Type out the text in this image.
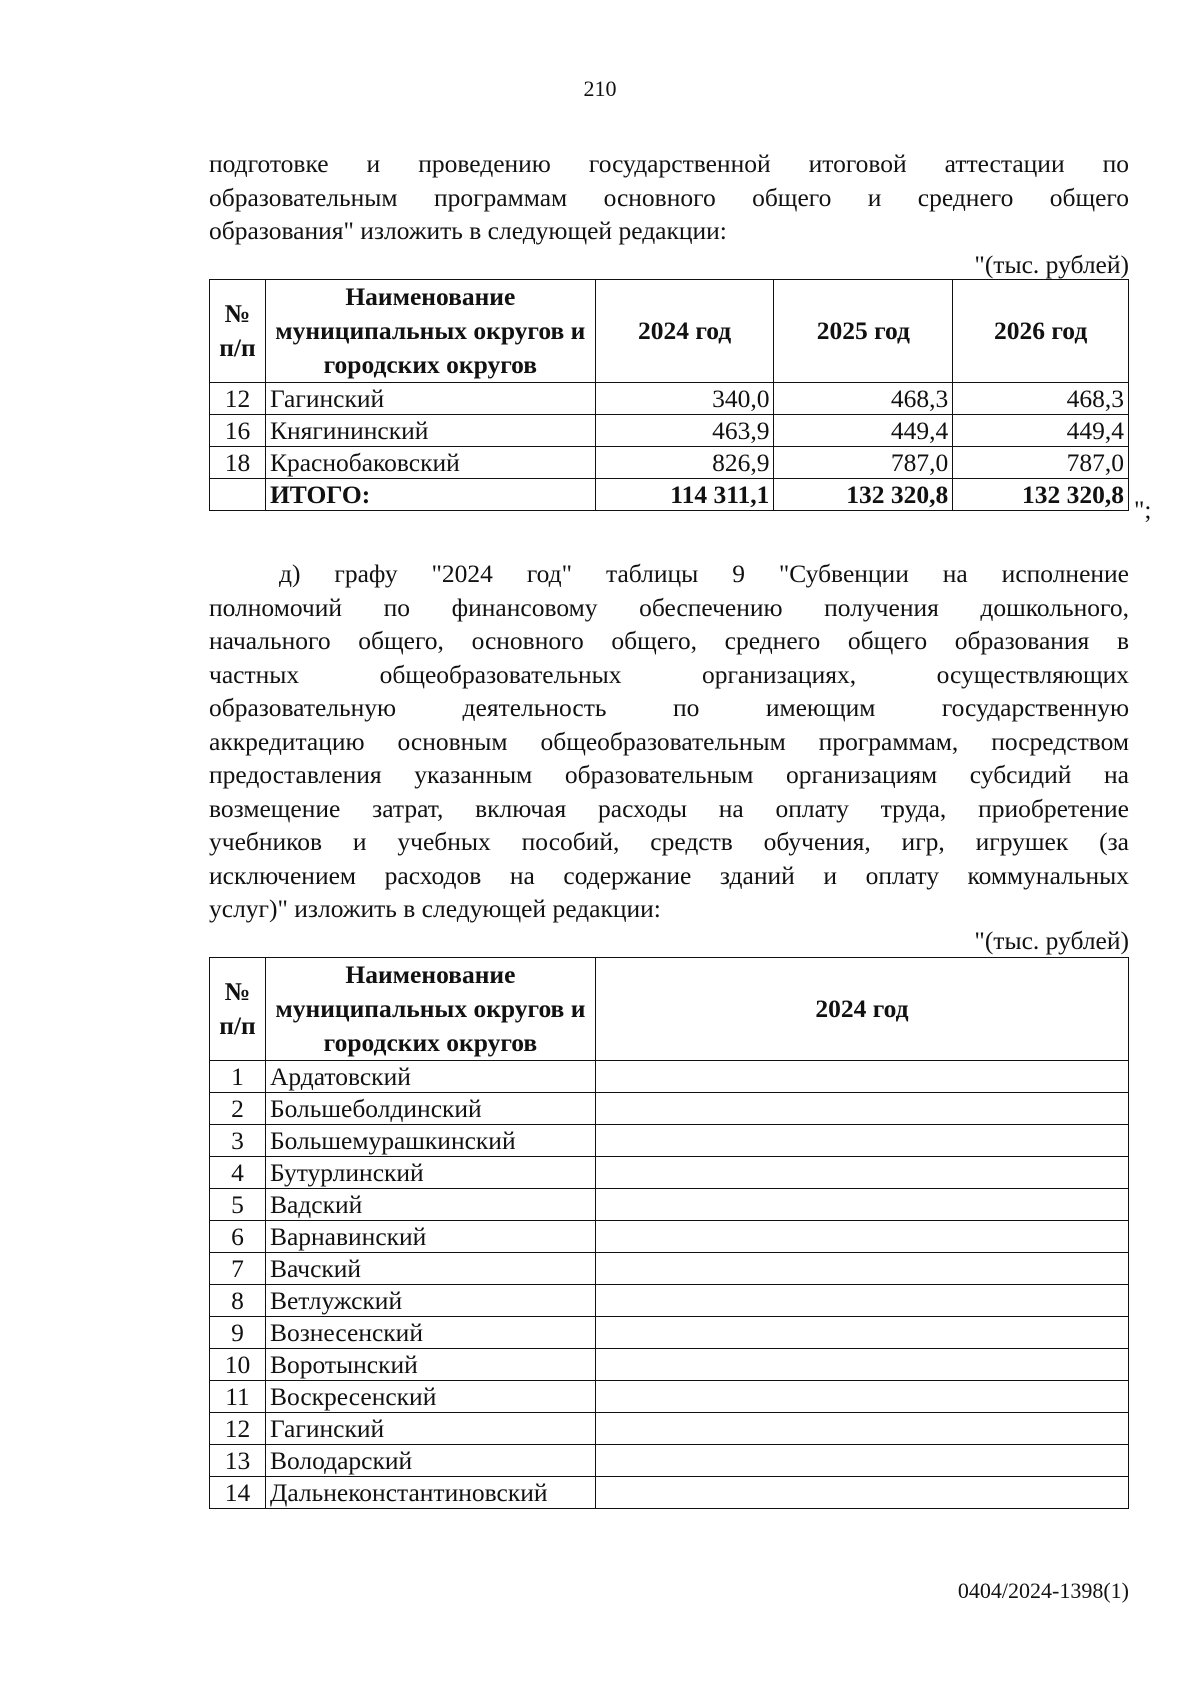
210
подготовке и проведению государственной итоговой аттестации по
образовательным программам основного общего и среднего общего
образования" изложить в следующей редакции:
"(тыс. рублей)
№ п/п	Наименование муниципальных округов и городских округов	2024 год	2025 год	2026 год
12	Гагинский	340,0	468,3	468,3
16	Княгининский	463,9	449,4	449,4
18	Краснобаковский	826,9	787,0	787,0
	ИТОГО:	114 311,1	132 320,8	132 320,8
";
д) графу "2024 год" таблицы 9 "Субвенции на исполнение
полномочий по финансовому обеспечению получения дошкольного,
начального общего, основного общего, среднего общего образования в
частных общеобразовательных организациях, осуществляющих
образовательную деятельность по имеющим государственную
аккредитацию основным общеобразовательным программам, посредством
предоставления указанным образовательным организациям субсидий на
возмещение затрат, включая расходы на оплату труда, приобретение
учебников и учебных пособий, средств обучения, игр, игрушек (за
исключением расходов на содержание зданий и оплату коммунальных
услуг)" изложить в следующей редакции:
"(тыс. рублей)
№ п/п	Наименование муниципальных округов и городских округов	2024 год
1	Ардатовский	
2	Большеболдинский	
3	Большемурашкинский	
4	Бутурлинский	
5	Вадский	
6	Варнавинский	
7	Вачский	
8	Ветлужский	
9	Вознесенский	
10	Воротынский	
11	Воскресенский	
12	Гагинский	
13	Володарский	
14	Дальнеконстантиновский	
0404/2024-1398(1)
